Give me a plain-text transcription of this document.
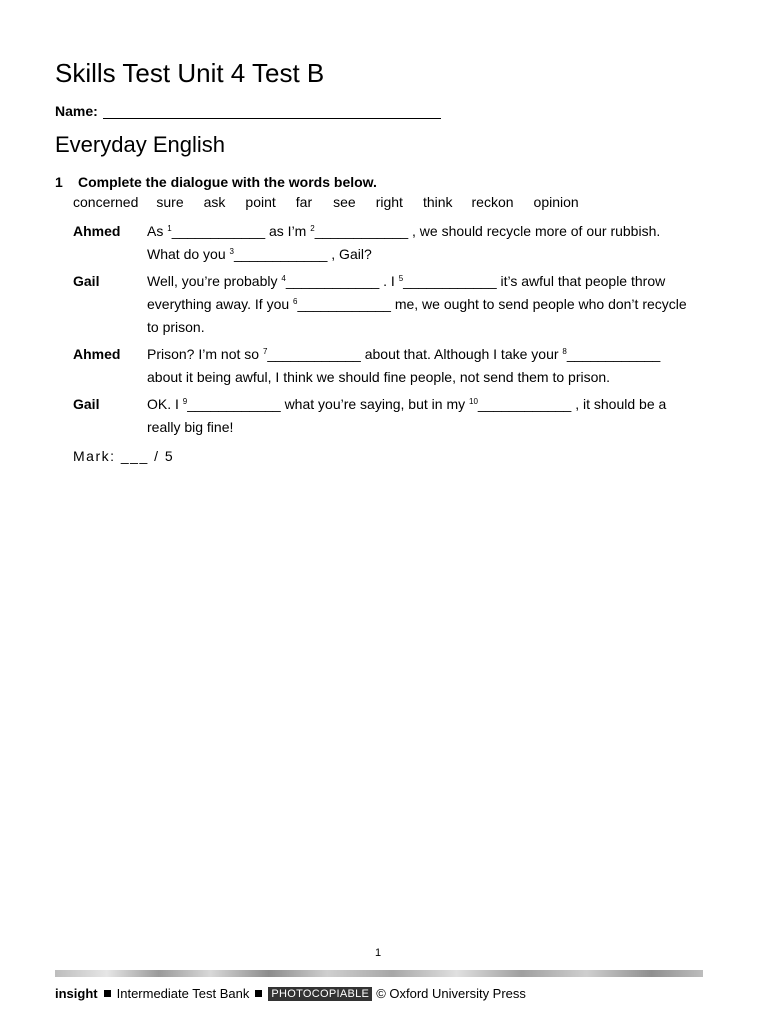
Skills Test Unit 4 Test B
Name:
Everyday English
1 Complete the dialogue with the words below.
concerned sure ask point far see right think reckon opinion
Ahmed	As $^1$____________ as I’m $^2$____________ , we should recycle more of our rubbish.
What do you $^3$____________ , Gail?
Gail	Well, you’re probably $^4$____________ . I $^5$____________ it’s awful that people throw
everything away. If you $^6$____________ me, we ought to send people who don’t recycle
to prison.
Ahmed	Prison? I’m not so $^7$____________ about that. Although I take your $^8$____________
about it being awful, I think we should fine people, not send them to prison.
Gail	OK. I $^9$____________ what you’re saying, but in my $^{10}$____________ , it should be a
really big fine!
Mark: ___ / 5
1
insight Intermediate Test Bank PHOTOCOPIABLE © Oxford University Press
